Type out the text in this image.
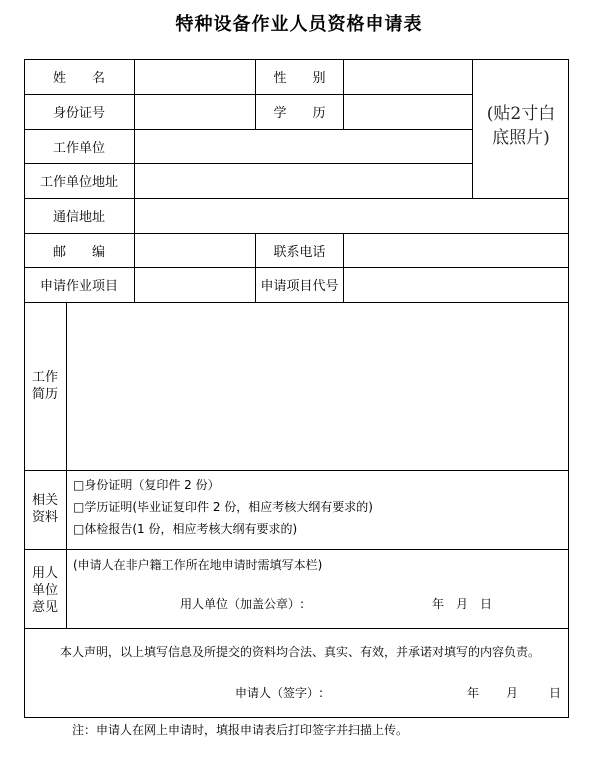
特种设备作业人员资格申请表
姓　　名	性　　别
身份证号	学　　历
工作单位
工作单位地址
(贴2寸白
底照片)
通信地址
邮　　编	联系电话
申请作业项目	申请项目代号
工作
简历
相关
资料
□身份证明（复印件 2 份）
□学历证明(毕业证复印件 2 份，相应考核大纲有要求的)
□体检报告(1 份，相应考核大纲有要求的)
用人
单位
意见
(申请人在非户籍工作所在地申请时需填写本栏)
用人单位（加盖公章）:	年　月　日
本人声明，以上填写信息及所提交的资料均合法、真实、有效，并承诺对填写的内容负责。
申请人（签字）:	年 月	日
注：申请人在网上申请时，填报申请表后打印签字并扫描上传。
